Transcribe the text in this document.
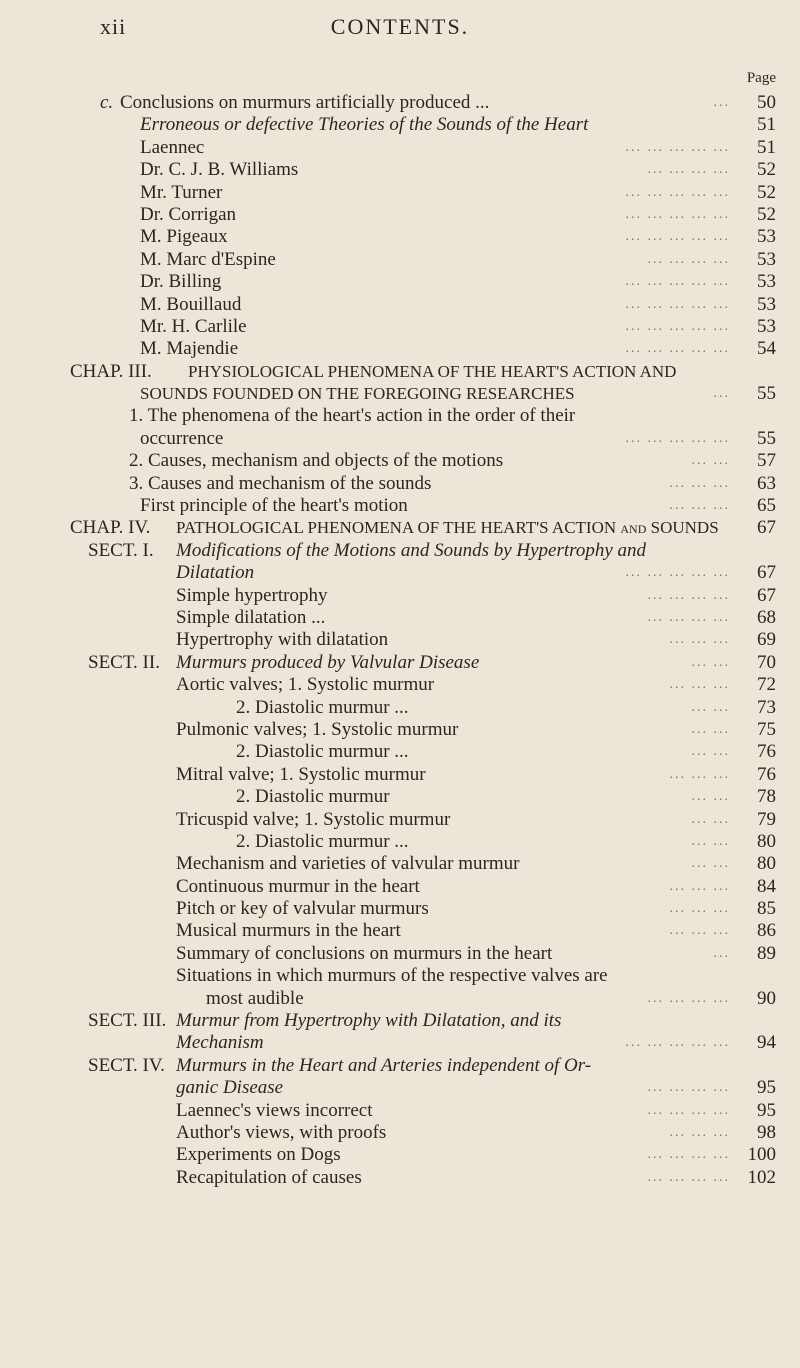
xii	CONTENTS.
Page
c. Conclusions on murmurs artificially produced ...	...	50
Erroneous or defective Theories of the Sounds of the Heart	51
Laennec	... ... ... ... ...	51
Dr. C. J. B. Williams	... ... ... ...	52
Mr. Turner	... ... ... ... ...	52
Dr. Corrigan	... ... ... ... ...	52
M. Pigeaux	... ... ... ... ...	53
M. Marc d'Espine	... ... ... ...	53
Dr. Billing	... ... ... ... ...	53
M. Bouillaud	... ... ... ... ...	53
Mr. H. Carlile	... ... ... ... ...	53
M. Majendie	... ... ... ... ...	54
CHAP. III. PHYSIOLOGICAL PHENOMENA OF THE HEART'S ACTION AND
SOUNDS FOUNDED ON THE FOREGOING RESEARCHES	...	55
1. The phenomena of the heart's action in the order of their
occurrence	... ... ... ... ...	55
2. Causes, mechanism and objects of the motions	... ...	57
3. Causes and mechanism of the sounds	... ... ...	63
First principle of the heart's motion	... ... ...	65
CHAP. IV. PATHOLOGICAL PHENOMENA OF THE HEART'S ACTION and SOUNDS	67
SECT. I. Modifications of the Motions and Sounds by Hypertrophy and
Dilatation	... ... ... ... ...	67
Simple hypertrophy	... ... ... ...	67
Simple dilatation ...	... ... ... ...	68
Hypertrophy with dilatation	... ... ...	69
SECT. II. Murmurs produced by Valvular Disease	... ...	70
Aortic valves; 1. Systolic murmur	... ... ...	72
2. Diastolic murmur ...	... ...	73
Pulmonic valves; 1. Systolic murmur	... ...	75
2. Diastolic murmur ...	... ...	76
Mitral valve; 1. Systolic murmur	... ... ...	76
2. Diastolic murmur	... ...	78
Tricuspid valve; 1. Systolic murmur	... ...	79
2. Diastolic murmur ...	... ...	80
Mechanism and varieties of valvular murmur	... ...	80
Continuous murmur in the heart	... ... ...	84
Pitch or key of valvular murmurs	... ... ...	85
Musical murmurs in the heart	... ... ...	86
Summary of conclusions on murmurs in the heart	...	89
Situations in which murmurs of the respective valves are
most audible	... ... ... ...	90
SECT. III. Murmur from Hypertrophy with Dilatation, and its
Mechanism	... ... ... ... ...	94
SECT. IV. Murmurs in the Heart and Arteries independent of Or-
ganic Disease	... ... ... ...	95
Laennec's views incorrect	... ... ... ...	95
Author's views, with proofs	... ... ...	98
Experiments on Dogs	... ... ... ... 100
Recapitulation of causes	... ... ... ... 102
